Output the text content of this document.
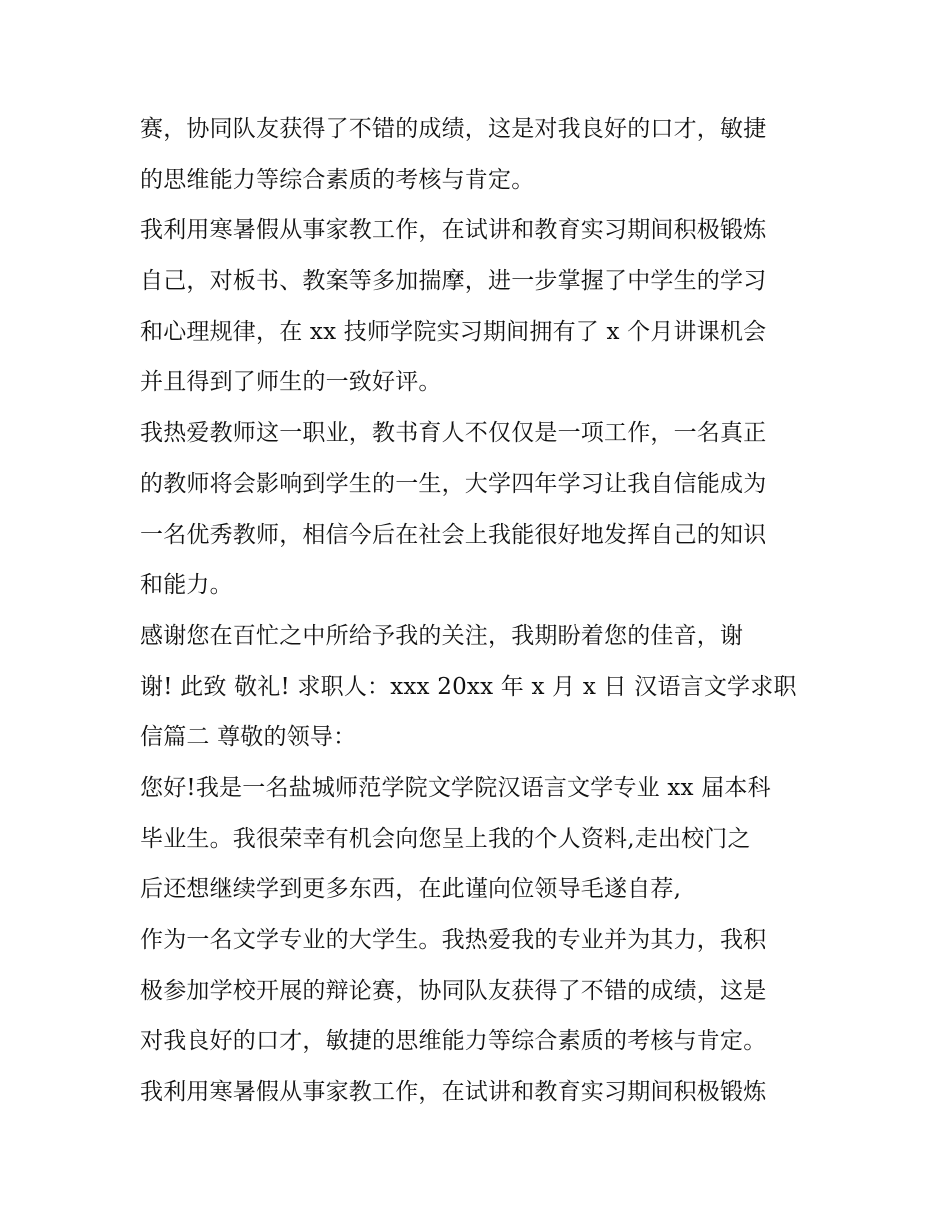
赛，协同队友获得了不错的成绩，这是对我良好的口才，敏捷
的思维能力等综合素质的考核与肯定。
我利用寒暑假从事家教工作，在试讲和教育实习期间积极锻炼
自己，对板书、教案等多加揣摩，进一步掌握了中学生的学习
和心理规律，在 xx 技师学院实习期间拥有了 x 个月讲课机会
并且得到了师生的一致好评。
我热爱教师这一职业，教书育人不仅仅是一项工作，一名真正
的教师将会影响到学生的一生，大学四年学习让我自信能成为
一名优秀教师，相信今后在社会上我能很好地发挥自己的知识
和能力。
感谢您在百忙之中所给予我的关注，我期盼着您的佳音，谢
谢! 此致 敬礼! 求职人：xxx 20xx 年 x 月 x 日 汉语言文学求职
信篇二 尊敬的领导：
您好!我是一名盐城师范学院文学院汉语言文学专业 xx 届本科
毕业生。我很荣幸有机会向您呈上我的个人资料,走出校门之
后还想继续学到更多东西，在此谨向位领导毛遂自荐,
作为一名文学专业的大学生。我热爱我的专业并为其力，我积
极参加学校开展的辩论赛，协同队友获得了不错的成绩，这是
对我良好的口才，敏捷的思维能力等综合素质的考核与肯定。
我利用寒暑假从事家教工作，在试讲和教育实习期间积极锻炼
